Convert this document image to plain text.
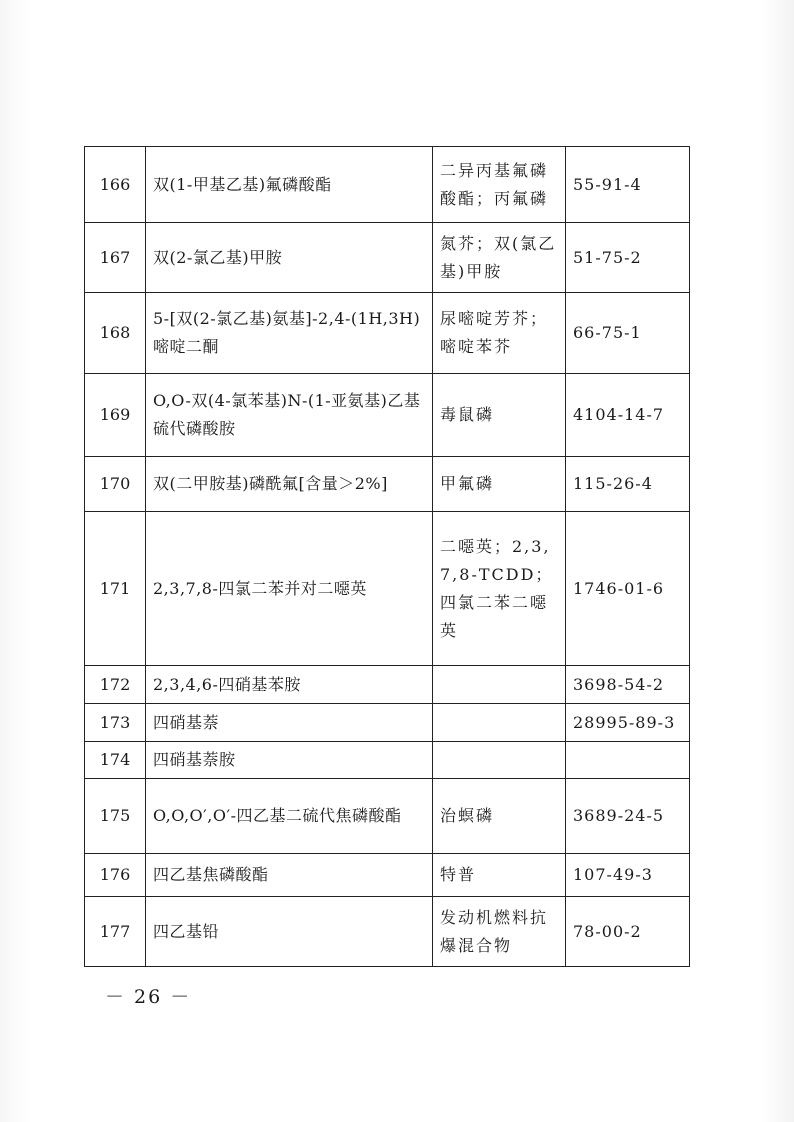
166	双(1-甲基乙基)氟磷酸酯	二异丙基氟磷酸酯；丙氟磷	55-91-4
167	双(2-氯乙基)甲胺	氮芥；双(氯乙基)甲胺	51-75-2
168	5-[双(2-氯乙基)氨基]-2,4-(1H,3H)嘧啶二酮	尿嘧啶芳芥；嘧啶苯芥	66-75-1
169	O,O-双(4-氯苯基)N-(1-亚氨基)乙基硫代磷酸胺	毒鼠磷	4104-14-7
170	双(二甲胺基)磷酰氟[含量＞2%]	甲氟磷	115-26-4
171	2,3,7,8-四氯二苯并对二噁英	二噁英；2,3,7,8-TCDD；四氯二苯二噁英	1746-01-6
172	2,3,4,6-四硝基苯胺		3698-54-2
173	四硝基萘		28995-89-3
174	四硝基萘胺		
175	O,O,O′,O′-四乙基二硫代焦磷酸酯	治螟磷	3689-24-5
176	四乙基焦磷酸酯	特普	107-49-3
177	四乙基铅	发动机燃料抗爆混合物	78-00-2
－ 26 －
